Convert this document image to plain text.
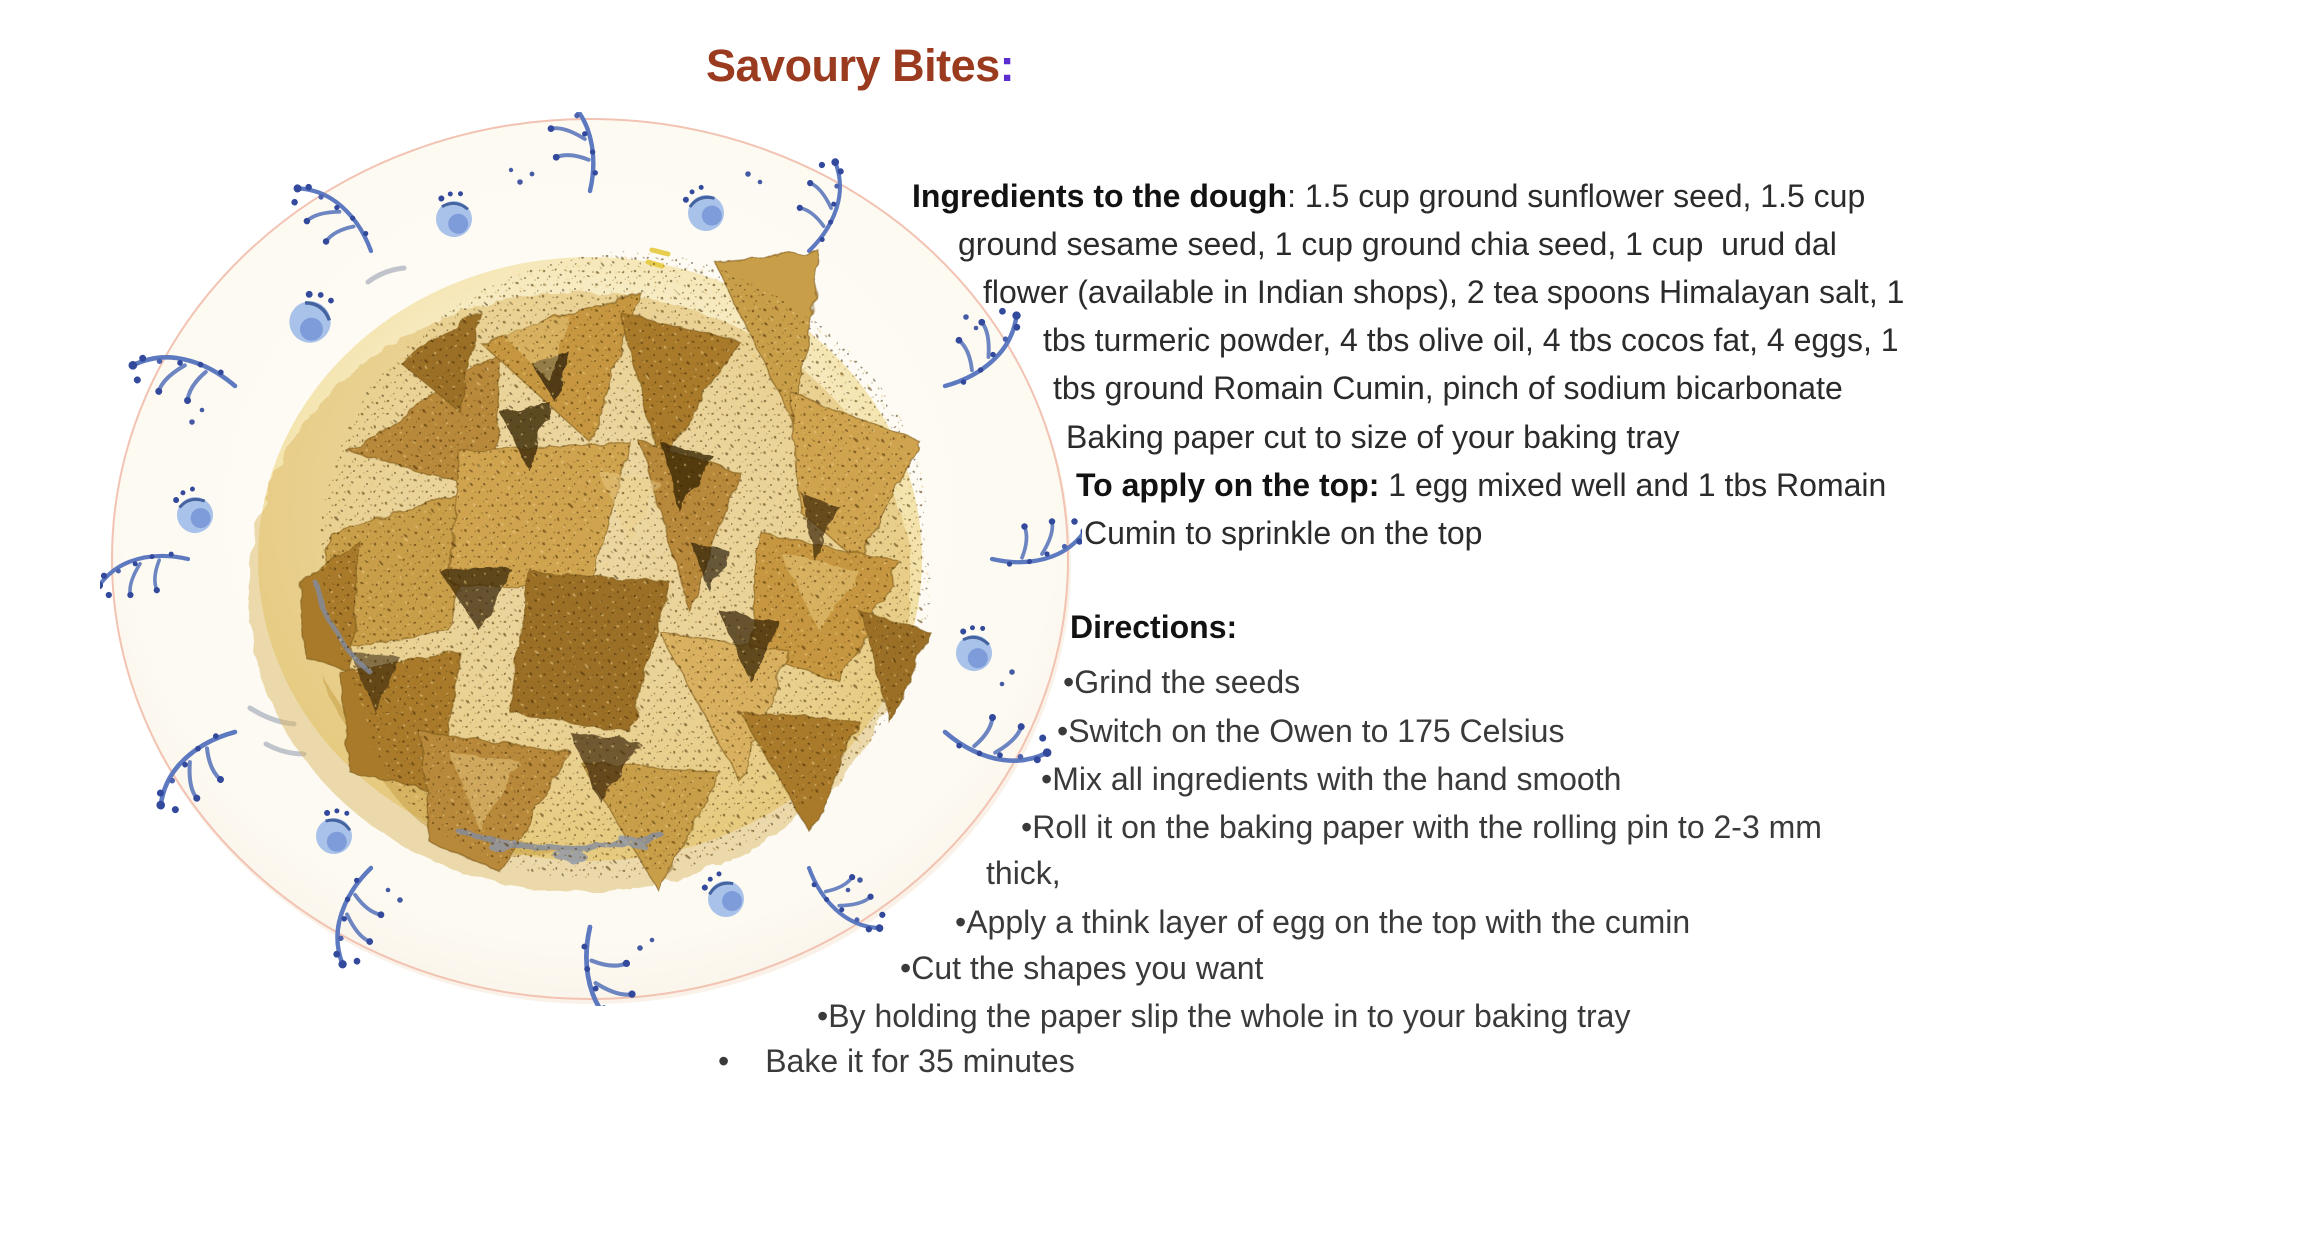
Savoury Bites:
Ingredients to the dough: 1.5 cup ground sunflower seed, 1.5 cup
ground sesame seed, 1 cup ground chia seed, 1 cup  urud dal
flower (available in Indian shops), 2 tea spoons Himalayan salt, 1
tbs turmeric powder, 4 tbs olive oil, 4 tbs cocos fat, 4 eggs, 1
tbs ground Romain Cumin, pinch of sodium bicarbonate
Baking paper cut to size of your baking tray
To apply on the top: 1 egg mixed well and 1 tbs Romain
Cumin to sprinkle on the top
Directions:
•Grind the seeds
•Switch on the Owen to 175 Celsius
•Mix all ingredients with the hand smooth
•Roll it on the baking paper with the rolling pin to 2-3 mm
thick,
•Apply a think layer of egg on the top with the cumin
•Cut the shapes you want
•By holding the paper slip the whole in to your baking tray
• Bake it for 35 minutes
